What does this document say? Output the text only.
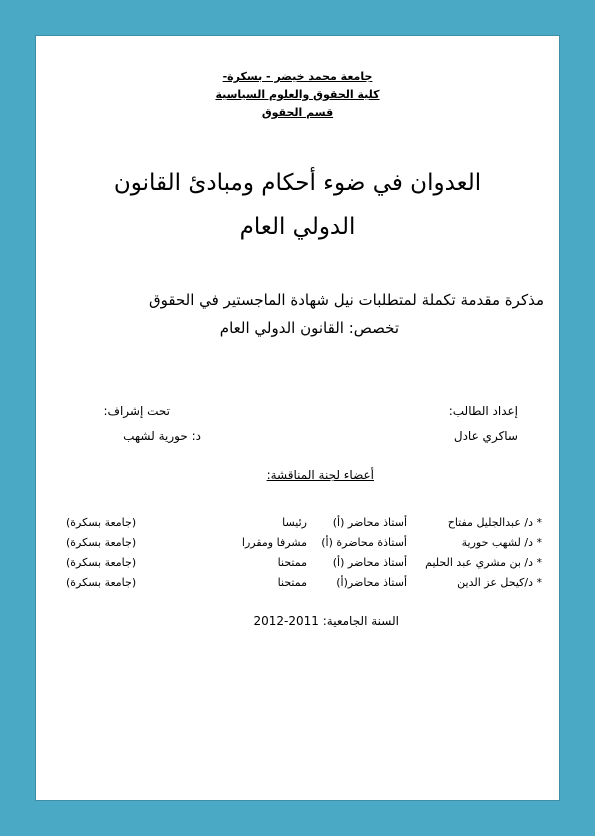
جامعة محمد خيضر - بسكرة-
كلية الحقوق والعلوم السياسية
قسم الحقوق
العدوان في ضوء أحكام ومبادئ القانون
الدولي العام
مذكرة مقدمة تكملة لمتطلبات نيل شهادة الماجستير في الحقوق
تخصص: القانون الدولي العام
إعداد الطالب:
ساكري عادل
تحت إشراف:
د: حورية لشهب
أعضاء لجنة المناقشة:
* د/ عبدالجليل مفتاح	أستاذ محاضر (أ)	رئيسا	(جامعة بسكرة)
* د/ لشهب حورية	أستاذة محاضرة (أ)	مشرفا ومقررا	(جامعة بسكرة)
* د/ بن مشري عبد الحليم	أستاذ محاضر (أ)	ممتحنا	(جامعة بسكرة)
* د/كيحل عز الدين	أستاذ محاضر(أ)	ممتحنا	(جامعة بسكرة)
السنة الجامعية: 2011-2012
